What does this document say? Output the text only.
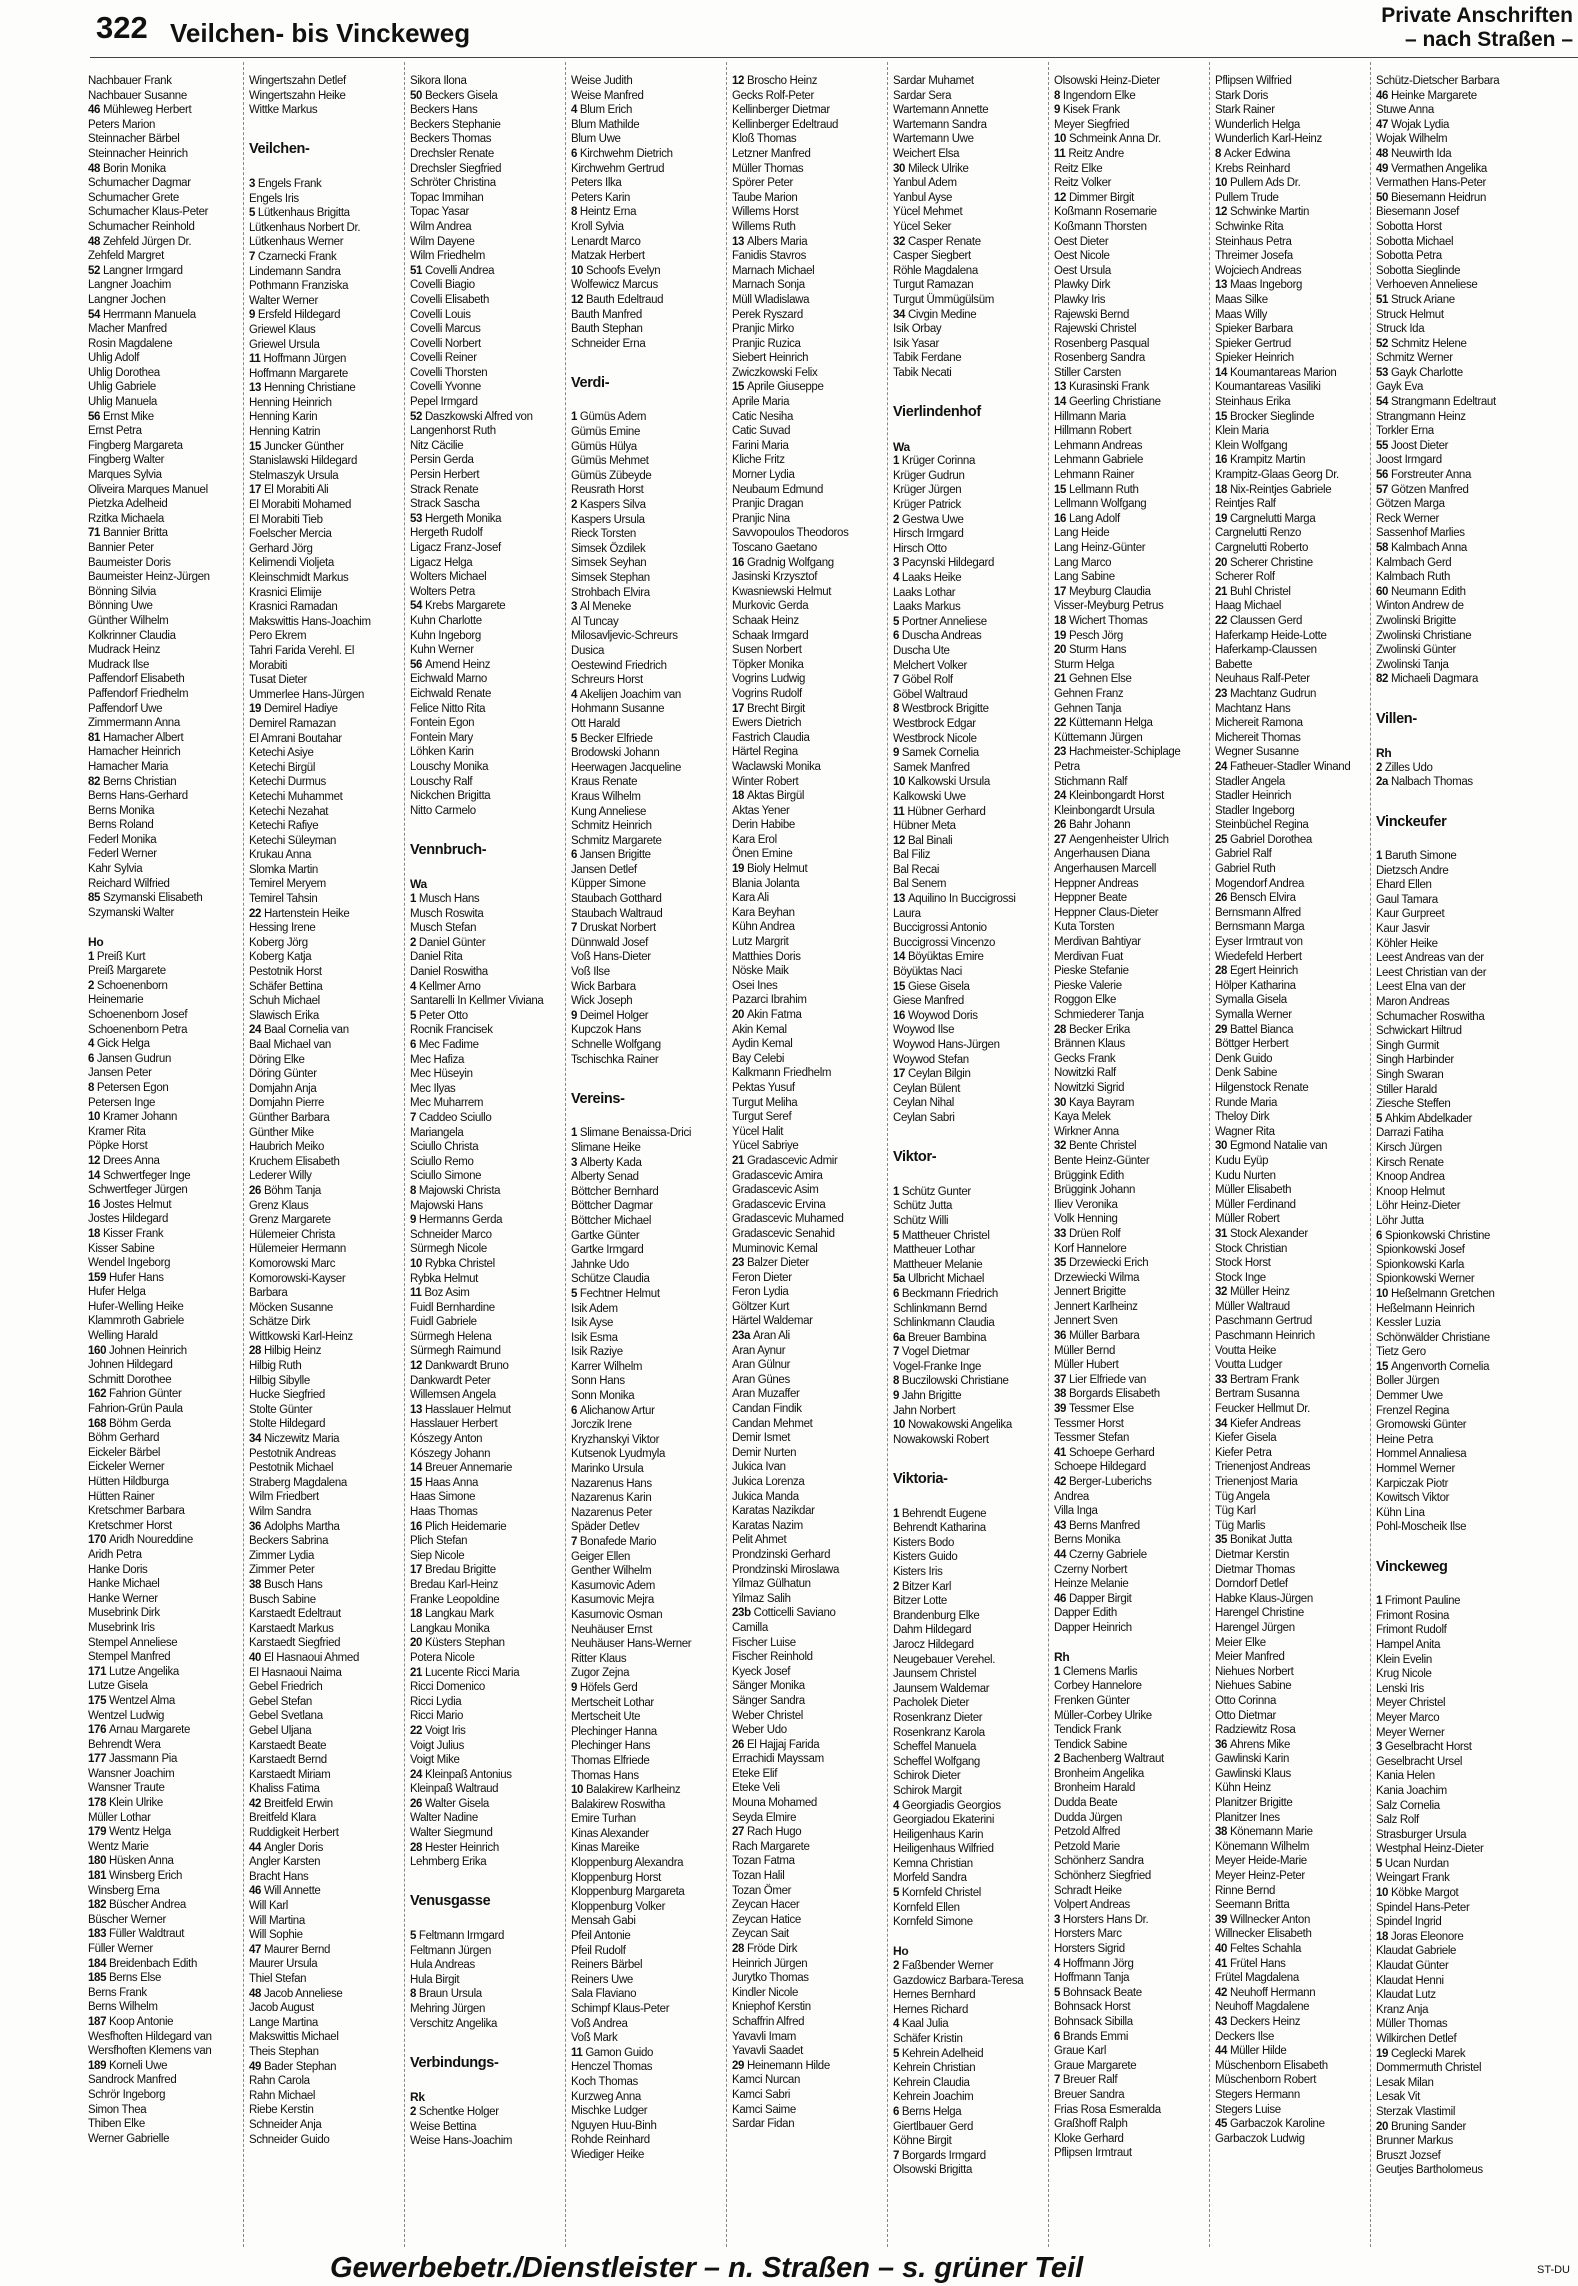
322 Veilchen- bis Vinckeweg
Private Anschriften
– nach Straßen –
Nachbauer Frank
Nachbauer Susanne
46 Mühleweg Herbert
Peters Marion
Steinnacher Bärbel
Steinnacher Heinrich
48 Borin Monika
Schumacher Dagmar
Schumacher Grete
Schumacher Klaus-Peter
Schumacher Reinhold
48 Zehfeld Jürgen Dr.
Zehfeld Margret
52 Langner Irmgard
Langner Joachim
Langner Jochen
54 Herrmann Manuela
Macher Manfred
Rosin Magdalene
Uhlig Adolf
Uhlig Dorothea
Uhlig Gabriele
Uhlig Manuela
56 Ernst Mike
Ernst Petra
Fingberg Margareta
Fingberg Walter
Marques Sylvia
Oliveira Marques Manuel
Pietzka Adelheid
Rzitka Michaela
71 Bannier Britta
Bannier Peter
Baumeister Doris
Baumeister Heinz-Jürgen
Bönning Silvia
Bönning Uwe
Günther Wilhelm
Kolkrinner Claudia
Mudrack Heinz
Mudrack Ilse
Paffendorf Elisabeth
Paffendorf Friedhelm
Paffendorf Uwe
Zimmermann Anna
81 Hamacher Albert
Hamacher Heinrich
Hamacher Maria
82 Berns Christian
Berns Hans-Gerhard
Berns Monika
Berns Roland
Federl Monika
Federl Werner
Kahr Sylvia
Reichard Wilfried
85 Szymanski Elisabeth
Szymanski Walter
Ho
1 Preiß Kurt
Preiß Margarete
2 Schoenenborn
Heinemarie
Schoenenborn Josef
Schoenenborn Petra
4 Gick Helga
6 Jansen Gudrun
Jansen Peter
8 Petersen Egon
Petersen Inge
10 Kramer Johann
Kramer Rita
Pöpke Horst
12 Drees Anna
14 Schwertfeger Inge
Schwertfeger Jürgen
16 Jostes Helmut
Jostes Hildegard
18 Kisser Frank
Kisser Sabine
Wendel Ingeborg
159 Hufer Hans
Hufer Helga
Hufer-Welling Heike
Klammroth Gabriele
Welling Harald
160 Johnen Heinrich
Johnen Hildegard
Schmitt Dorothee
162 Fahrion Günter
Fahrion-Grün Paula
168 Böhm Gerda
Böhm Gerhard
Eickeler Bärbel
Eickeler Werner
Hütten Hildburga
Hütten Rainer
Kretschmer Barbara
Kretschmer Horst
170 Aridh Noureddine
Aridh Petra
Hanke Doris
Hanke Michael
Hanke Werner
Musebrink Dirk
Musebrink Iris
Stempel Anneliese
Stempel Manfred
171 Lutze Angelika
Lutze Gisela
175 Wentzel Alma
Wentzel Ludwig
176 Arnau Margarete
Behrendt Wera
177 Jassmann Pia
Wansner Joachim
Wansner Traute
178 Klein Ulrike
Müller Lothar
179 Wentz Helga
Wentz Marie
180 Hüsken Anna
181 Winsberg Erich
Winsberg Erna
182 Büscher Andrea
Büscher Werner
183 Füller Waldtraut
Füller Werner
184 Breidenbach Edith
185 Berns Else
Berns Frank
Berns Wilhelm
187 Koop Antonie
Wesfhoften Hildegard van
Wersfhoften Klemens van
189 Korneli Uwe
Sandrock Manfred
Schrör Ingeborg
Simon Thea
Thiben Elke
Werner Gabrielle
Wingertszahn Detlef
Wingertszahn Heike
Wittke Markus
Veilchen-
3 Engels Frank
Engels Iris
5 Lütkenhaus Brigitta
Lütkenhaus Norbert Dr.
Lütkenhaus Werner
7 Czarnecki Frank
Lindemann Sandra
Pothmann Franziska
Walter Werner
9 Ersfeld Hildegard
Griewel Klaus
Griewel Ursula
11 Hoffmann Jürgen
Hoffmann Margarete
13 Henning Christiane
Henning Heinrich
Henning Karin
Henning Katrin
15 Juncker Günther
Stanislawski Hildegard
Stelmaszyk Ursula
17 El Morabiti Ali
El Morabiti Mohamed
El Morabiti Tieb
Foelscher Mercia
Gerhard Jörg
Kelimendi Violjeta
Kleinschmidt Markus
Krasnici Elimije
Krasnici Ramadan
Makswittis Hans-Joachim
Pero Ekrem
Tahri Farida Verehl. El
Morabiti
Tusat Dieter
Ummerlee Hans-Jürgen
19 Demirel Hadiye
Demirel Ramazan
El Amrani Boutahar
Ketechi Asiye
Ketechi Birgül
Ketechi Durmus
Ketechi Muhammet
Ketechi Nezahat
Ketechi Rafiye
Ketechi Süleyman
Krukau Anna
Slomka Martin
Temirel Meryem
Temirel Tahsin
22 Hartenstein Heike
Hessing Irene
Koberg Jörg
Koberg Katja
Pestotnik Horst
Schäfer Bettina
Schuh Michael
Slawisch Erika
24 Baal Cornelia van
Baal Michael van
Döring Elke
Döring Günter
Domjahn Anja
Domjahn Pierre
Günther Barbara
Günther Mike
Haubrich Meiko
Kruchem Elisabeth
Lederer Willy
26 Böhm Tanja
Grenz Klaus
Grenz Margarete
Hülemeier Christa
Hülemeier Hermann
Komorowski Marc
Komorowski-Kayser
Barbara
Möcken Susanne
Schätze Dirk
Wittkowski Karl-Heinz
28 Hilbig Heinz
Hilbig Ruth
Hilbig Sibylle
Hucke Siegfried
Stolte Günter
Stolte Hildegard
34 Niczewitz Maria
Pestotnik Andreas
Pestotnik Michael
Straberg Magdalena
Wilm Friedbert
Wilm Sandra
36 Adolphs Martha
Beckers Sabrina
Zimmer Lydia
Zimmer Peter
38 Busch Hans
Busch Sabine
Karstaedt Edeltraut
Karstaedt Markus
Karstaedt Siegfried
40 El Hasnaoui Ahmed
El Hasnaoui Naima
Gebel Friedrich
Gebel Stefan
Gebel Svetlana
Gebel Uljana
Karstaedt Beate
Karstaedt Bernd
Karstaedt Miriam
Khaliss Fatima
42 Breitfeld Erwin
Breitfeld Klara
Ruddigkeit Herbert
44 Angler Doris
Angler Karsten
Bracht Hans
46 Will Annette
Will Karl
Will Martina
Will Sophie
47 Maurer Bernd
Maurer Ursula
Thiel Stefan
48 Jacob Anneliese
Jacob August
Lange Martina
Makswittis Michael
Theis Stephan
49 Bader Stephan
Rahn Carola
Rahn Michael
Riebe Kerstin
Schneider Anja
Schneider Guido
Sikora Ilona
50 Beckers Gisela
Beckers Hans
Beckers Stephanie
Beckers Thomas
Drechsler Renate
Drechsler Siegfried
Schröter Christina
Topac Immihan
Topac Yasar
Wilm Andrea
Wilm Dayene
Wilm Friedhelm
51 Covelli Andrea
Covelli Biagio
Covelli Elisabeth
Covelli Louis
Covelli Marcus
Covelli Norbert
Covelli Reiner
Covelli Thorsten
Covelli Yvonne
Pepel Irmgard
52 Daszkowski Alfred von
Langenhorst Ruth
Nitz Cäcilie
Persin Gerda
Persin Herbert
Strack Renate
Strack Sascha
53 Hergeth Monika
Hergeth Rudolf
Ligacz Franz-Josef
Ligacz Helga
Wolters Michael
Wolters Petra
54 Krebs Margarete
Kuhn Charlotte
Kuhn Ingeborg
Kuhn Werner
56 Amend Heinz
Eichwald Marno
Eichwald Renate
Felice Nitto Rita
Fontein Egon
Fontein Mary
Löhken Karin
Louschy Monika
Louschy Ralf
Nickchen Brigitta
Nitto Carmelo
Vennbruch-
Wa
1 Musch Hans
Musch Roswita
Musch Stefan
2 Daniel Günter
Daniel Rita
Daniel Roswitha
4 Kellmer Arno
Santarelli In Kellmer Viviana
5 Peter Otto
Rocnik Francisek
6 Mec Fadime
Mec Hafiza
Mec Hüseyin
Mec Ilyas
Mec Muharrem
7 Caddeo Sciullo
Mariangela
Sciullo Christa
Sciullo Remo
Sciullo Simone
8 Majowski Christa
Majowski Hans
9 Hermanns Gerda
Schneider Marco
Sürmegh Nicole
10 Rybka Christel
Rybka Helmut
11 Boz Asim
Fuidl Bernhardine
Fuidl Gabriele
Sürmegh Helena
Sürmegh Raimund
12 Dankwardt Bruno
Dankwardt Peter
Willemsen Angela
13 Hasslauer Helmut
Hasslauer Herbert
Kószegy Anton
Kószegy Johann
14 Breuer Annemarie
15 Haas Anna
Haas Simone
Haas Thomas
16 Plich Heidemarie
Plich Stefan
Siep Nicole
17 Bredau Brigitte
Bredau Karl-Heinz
Franke Leopoldine
18 Langkau Mark
Langkau Monika
20 Küsters Stephan
Potera Nicole
21 Lucente Ricci Maria
Ricci Domenico
Ricci Lydia
Ricci Mario
22 Voigt Iris
Voigt Julius
Voigt Mike
24 Kleinpaß Antonius
Kleinpaß Waltraud
26 Walter Gisela
Walter Nadine
Walter Siegmund
28 Hester Heinrich
Lehmberg Erika
Venusgasse
5 Feltmann Irmgard
Feltmann Jürgen
Hula Andreas
Hula Birgit
8 Braun Ursula
Mehring Jürgen
Verschitz Angelika
Verbindungs-
Rk
2 Schentke Holger
Weise Bettina
Weise Hans-Joachim
Weise Judith
Weise Manfred
4 Blum Erich
Blum Mathilde
Blum Uwe
6 Kirchwehm Dietrich
Kirchwehm Gertrud
Peters Ilka
Peters Karin
8 Heintz Erna
Kroll Sylvia
Lenardt Marco
Matzak Herbert
10 Schoofs Evelyn
Wolfewicz Marcus
12 Bauth Edeltraud
Bauth Manfred
Bauth Stephan
Schneider Erna
Verdi-
1 Gümüs Adem
Gümüs Emine
Gümüs Hülya
Gümüs Mehmet
Gümüs Zübeyde
Reusrath Horst
2 Kaspers Silva
Kaspers Ursula
Rieck Torsten
Simsek Özdilek
Simsek Seyhan
Simsek Stephan
Strohbach Elvira
3 Al Meneke
Al Tuncay
Milosavljevic-Schreurs
Dusica
Oestewind Friedrich
Schreurs Horst
4 Akelijen Joachim van
Hohmann Susanne
Ott Harald
5 Becker Elfriede
Brodowski Johann
Heerwagen Jacqueline
Kraus Renate
Kraus Wilhelm
Kung Anneliese
Schmitz Heinrich
Schmitz Margarete
6 Jansen Brigitte
Jansen Detlef
Küpper Simone
Staubach Gotthard
Staubach Waltraud
7 Druskat Norbert
Dünnwald Josef
Voß Hans-Dieter
Voß Ilse
Wick Barbara
Wick Joseph
9 Deimel Holger
Kupczok Hans
Schnelle Wolfgang
Tschischka Rainer
Vereins-
1 Slimane Benaissa-Drici
Slimane Heike
3 Alberty Kada
Alberty Senad
Böttcher Bernhard
Böttcher Dagmar
Böttcher Michael
Gartke Günter
Gartke Irmgard
Jahnke Udo
Schütze Claudia
5 Fechtner Helmut
Isik Adem
Isik Ayse
Isik Esma
Isik Raziye
Karrer Wilhelm
Sonn Hans
Sonn Monika
6 Alichanow Artur
Jorczik Irene
Kryzhanskyi Viktor
Kutsenok Lyudmyla
Marinko Ursula
Nazarenus Hans
Nazarenus Karin
Nazarenus Peter
Späder Detlev
7 Bonafede Mario
Geiger Ellen
Genther Wilhelm
Kasumovic Adem
Kasumovic Mejra
Kasumovic Osman
Neuhäuser Ernst
Neuhäuser Hans-Werner
Ritter Klaus
Zugor Zejna
9 Höfels Gerd
Mertscheit Lothar
Mertscheit Ute
Plechinger Hanna
Plechinger Hans
Thomas Elfriede
Thomas Hans
10 Balakirew Karlheinz
Balakirew Roswitha
Emire Turhan
Kinas Alexander
Kinas Mareike
Kloppenburg Alexandra
Kloppenburg Horst
Kloppenburg Margareta
Kloppenburg Volker
Mensah Gabi
Pfeil Antonie
Pfeil Rudolf
Reiners Bärbel
Reiners Uwe
Sala Flaviano
Schimpf Klaus-Peter
Voß Andrea
Voß Mark
11 Gamon Guido
Henczel Thomas
Koch Thomas
Kurzweg Anna
Mischke Ludger
Nguyen Huu-Binh
Rohde Reinhard
Wiediger Heike
12 Broscho Heinz
Gecks Rolf-Peter
Kellinberger Dietmar
Kellinberger Edeltraud
Kloß Thomas
Letzner Manfred
Müller Thomas
Spörer Peter
Taube Marion
Willems Horst
Willems Ruth
13 Albers Maria
Fanidis Stavros
Marnach Michael
Marnach Sonja
Müll Wladislawa
Perek Ryszard
Pranjic Mirko
Pranjic Ruzica
Siebert Heinrich
Zwiczkowski Felix
15 Aprile Giuseppe
Aprile Maria
Catic Nesiha
Catic Suvad
Farini Maria
Kliche Fritz
Morner Lydia
Neubaum Edmund
Pranjic Dragan
Pranjic Nina
Savvopoulos Theodoros
Toscano Gaetano
16 Gradnig Wolfgang
Jasinski Krzysztof
Kwasniewski Helmut
Murkovic Gerda
Schaak Heinz
Schaak Irmgard
Susen Norbert
Töpker Monika
Vogrins Ludwig
Vogrins Rudolf
17 Brecht Birgit
Ewers Dietrich
Fastrich Claudia
Härtel Regina
Waclawski Monika
Winter Robert
18 Aktas Birgül
Aktas Yener
Derin Habibe
Kara Erol
Önen Emine
19 Bioly Helmut
Blania Jolanta
Kara Ali
Kara Beyhan
Kühn Andrea
Lutz Margrit
Matthies Doris
Nöske Maik
Osei Ines
Pazarci Ibrahim
20 Akin Fatma
Akin Kemal
Aydin Kemal
Bay Celebi
Kalkmann Friedhelm
Pektas Yusuf
Turgut Meliha
Turgut Seref
Yücel Halit
Yücel Sabriye
21 Gradascevic Admir
Gradascevic Amira
Gradascevic Asim
Gradascevic Ervina
Gradascevic Muhamed
Gradascevic Senahid
Muminovic Kemal
23 Balzer Dieter
Feron Dieter
Feron Lydia
Göltzer Kurt
Härtel Waldemar
23a Aran Ali
Aran Aynur
Aran Gülnur
Aran Günes
Aran Muzaffer
Candan Findik
Candan Mehmet
Demir Ismet
Demir Nurten
Jukica Ivan
Jukica Lorenza
Jukica Manda
Karatas Nazikdar
Karatas Nazim
Pelit Ahmet
Prondzinski Gerhard
Prondzinski Miroslawa
Yilmaz Gülhatun
Yilmaz Salih
23b Cotticelli Saviano
Camilla
Fischer Luise
Fischer Reinhold
Kyeck Josef
Sänger Monika
Sänger Sandra
Weber Christel
Weber Udo
26 El Hajjaj Farida
Errachidi Mayssam
Eteke Elif
Eteke Veli
Mouna Mohamed
Seyda Elmire
27 Rach Hugo
Rach Margarete
Tozan Fatma
Tozan Halil
Tozan Ömer
Zeycan Hacer
Zeycan Hatice
Zeycan Sait
28 Fröde Dirk
Heinrich Jürgen
Jurytko Thomas
Kindler Nicole
Kniephof Kerstin
Schaffrin Alfred
Yavavli Imam
Yavavli Saadet
29 Heinemann Hilde
Kamci Nurcan
Kamci Sabri
Kamci Saime
Sardar Fidan
Sardar Muhamet
Sardar Sera
Wartemann Annette
Wartemann Sandra
Wartemann Uwe
Weichert Elsa
30 Mileck Ulrike
Yanbul Adem
Yanbul Ayse
Yücel Mehmet
Yücel Seker
32 Casper Renate
Casper Siegbert
Röhle Magdalena
Turgut Ramazan
Turgut Ümmügülsüm
34 Civgin Medine
Isik Orbay
Isik Yasar
Tabik Ferdane
Tabik Necati
Vierlindenhof
Wa
1 Krüger Corinna
Krüger Gudrun
Krüger Jürgen
Krüger Patrick
2 Gestwa Uwe
Hirsch Irmgard
Hirsch Otto
3 Pacynski Hildegard
4 Laaks Heike
Laaks Lothar
Laaks Markus
5 Portner Anneliese
6 Duscha Andreas
Duscha Ute
Melchert Volker
7 Göbel Rolf
Göbel Waltraud
8 Westbrock Brigitte
Westbrock Edgar
Westbrock Nicole
9 Samek Cornelia
Samek Manfred
10 Kalkowski Ursula
Kalkowski Uwe
11 Hübner Gerhard
Hübner Meta
12 Bal Binali
Bal Filiz
Bal Recai
Bal Senem
13 Aquilino In Buccigrossi
Laura
Buccigrossi Antonio
Buccigrossi Vincenzo
14 Böyüktas Emire
Böyüktas Naci
15 Giese Gisela
Giese Manfred
16 Woywod Doris
Woywod Ilse
Woywod Hans-Jürgen
Woywod Stefan
17 Ceylan Bilgin
Ceylan Bülent
Ceylan Nihal
Ceylan Sabri
Viktor-
1 Schütz Gunter
Schütz Jutta
Schütz Willi
5 Mattheuer Christel
Mattheuer Lothar
Mattheuer Melanie
5a Ulbricht Michael
6 Beckmann Friedrich
Schlinkmann Bernd
Schlinkmann Claudia
6a Breuer Bambina
7 Vogel Dietmar
Vogel-Franke Inge
8 Buczilowski Christiane
9 Jahn Brigitte
Jahn Norbert
10 Nowakowski Angelika
Nowakowski Robert
Viktoria-
1 Behrendt Eugene
Behrendt Katharina
Kisters Bodo
Kisters Guido
Kisters Iris
2 Bitzer Karl
Bitzer Lotte
Brandenburg Elke
Dahm Hildegard
Jarocz Hildegard
Neugebauer Verehel.
Jaunsem Christel
Jaunsem Waldemar
Pacholek Dieter
Rosenkranz Dieter
Rosenkranz Karola
Scheffel Manuela
Scheffel Wolfgang
Schirok Dieter
Schirok Margit
4 Georgiadis Georgios
Georgiadou Ekaterini
Heiligenhaus Karin
Heiligenhaus Wilfried
Kemna Christian
Morfeld Sandra
5 Kornfeld Christel
Kornfeld Ellen
Kornfeld Simone
Ho
2 Faßbender Werner
Gazdowicz Barbara-Teresa
Hernes Bernhard
Hernes Richard
4 Kaal Julia
Schäfer Kristin
5 Kehrein Adelheid
Kehrein Christian
Kehrein Claudia
Kehrein Joachim
6 Berns Helga
Giertlbauer Gerd
Köhne Birgit
7 Borgards Irmgard
Olsowski Brigitta
Olsowski Heinz-Dieter
8 Ingendorn Elke
9 Kisek Frank
Meyer Siegfried
10 Schmeink Anna Dr.
11 Reitz Andre
Reitz Elke
Reitz Volker
12 Dimmer Birgit
Koßmann Rosemarie
Koßmann Thorsten
Oest Dieter
Oest Nicole
Oest Ursula
Plawky Dirk
Plawky Iris
Rajewski Bernd
Rajewski Christel
Rosenberg Pasqual
Rosenberg Sandra
Stiller Carsten
13 Kurasinski Frank
14 Geerling Christiane
Hillmann Maria
Hillmann Robert
Lehmann Andreas
Lehmann Gabriele
Lehmann Rainer
15 Lellmann Ruth
Lellmann Wolfgang
16 Lang Adolf
Lang Heide
Lang Heinz-Günter
Lang Marco
Lang Sabine
17 Meyburg Claudia
Visser-Meyburg Petrus
18 Wichert Thomas
19 Pesch Jörg
20 Sturm Hans
Sturm Helga
21 Gehnen Else
Gehnen Franz
Gehnen Tanja
22 Küttemann Helga
Küttemann Jürgen
23 Hachmeister-Schiplage
Petra
Stichmann Ralf
24 Kleinbongardt Horst
Kleinbongardt Ursula
26 Bahr Johann
27 Aengenheister Ulrich
Angerhausen Diana
Angerhausen Marcell
Heppner Andreas
Heppner Beate
Heppner Claus-Dieter
Kuta Torsten
Merdivan Bahtiyar
Merdivan Fuat
Pieske Stefanie
Pieske Valerie
Roggon Elke
Schmiederer Tanja
28 Becker Erika
Brännen Klaus
Gecks Frank
Nowitzki Ralf
Nowitzki Sigrid
30 Kaya Bayram
Kaya Melek
Wirkner Anna
32 Bente Christel
Bente Heinz-Günter
Brüggink Edith
Brüggink Johann
Iliev Veronika
Volk Henning
33 Drüen Rolf
Korf Hannelore
35 Drzewiecki Erich
Drzewiecki Wilma
Jennert Brigitte
Jennert Karlheinz
Jennert Sven
36 Müller Barbara
Müller Bernd
Müller Hubert
37 Lier Elfriede van
38 Borgards Elisabeth
39 Tessmer Else
Tessmer Horst
Tessmer Stefan
41 Schoepe Gerhard
Schoepe Hildegard
42 Berger-Luberichs
Andrea
Villa Inga
43 Berns Manfred
Berns Monika
44 Czerny Gabriele
Czerny Norbert
Heinze Melanie
46 Dapper Birgit
Dapper Edith
Dapper Heinrich
Rh
1 Clemens Marlis
Corbey Hannelore
Frenken Günter
Müller-Corbey Ulrike
Tendick Frank
Tendick Sabine
2 Bachenberg Waltraut
Bronheim Angelika
Bronheim Harald
Dudda Beate
Dudda Jürgen
Petzold Alfred
Petzold Marie
Schönherz Sandra
Schönherz Siegfried
Schradt Heike
Volpert Andreas
3 Horsters Hans Dr.
Horsters Marc
Horsters Sigrid
4 Hoffmann Jörg
Hoffmann Tanja
5 Bohnsack Beate
Bohnsack Horst
Bohnsack Sibilla
6 Brands Emmi
Graue Karl
Graue Margarete
7 Breuer Ralf
Breuer Sandra
Frias Rosa Esmeralda
Graßhoff Ralph
Kloke Gerhard
Pflipsen Irmtraut
Pflipsen Wilfried
Stark Doris
Stark Rainer
Wunderlich Helga
Wunderlich Karl-Heinz
8 Acker Edwina
Krebs Reinhard
10 Pullem Ads Dr.
Pullem Trude
12 Schwinke Martin
Schwinke Rita
Steinhaus Petra
Threimer Josefa
Wojciech Andreas
13 Maas Ingeborg
Maas Silke
Maas Willy
Spieker Barbara
Spieker Gertrud
Spieker Heinrich
14 Koumantareas Marion
Koumantareas Vasiliki
Steinhaus Erika
15 Brocker Sieglinde
Klein Maria
Klein Wolfgang
16 Krampitz Martin
Krampitz-Glaas Georg Dr.
18 Nix-Reintjes Gabriele
Reintjes Ralf
19 Cargnelutti Marga
Cargnelutti Renzo
Cargnelutti Roberto
20 Scherer Christine
Scherer Rolf
21 Buhl Christel
Haag Michael
22 Claussen Gerd
Haferkamp Heide-Lotte
Haferkamp-Claussen
Babette
Neuhaus Ralf-Peter
23 Machtanz Gudrun
Machtanz Hans
Michereit Ramona
Michereit Thomas
Wegner Susanne
24 Fatheuer-Stadler Winand
Stadler Angela
Stadler Heinrich
Stadler Ingeborg
Steinbüchel Regina
25 Gabriel Dorothea
Gabriel Ralf
Gabriel Ruth
Mogendorf Andrea
26 Bensch Elvira
Bernsmann Alfred
Bernsmann Marga
Eyser Irmtraut von
Wiedefeld Herbert
28 Egert Heinrich
Hölper Katharina
Symalla Gisela
Symalla Werner
29 Battel Bianca
Böttger Herbert
Denk Guido
Denk Sabine
Hilgenstock Renate
Runde Maria
Theloy Dirk
Wagner Rita
30 Egmond Natalie van
Kudu Eyüp
Kudu Nurten
Müller Elisabeth
Müller Ferdinand
Müller Robert
31 Stock Alexander
Stock Christian
Stock Horst
Stock Inge
32 Müller Heinz
Müller Waltraud
Paschmann Gertrud
Paschmann Heinrich
Voutta Heike
Voutta Ludger
33 Bertram Frank
Bertram Susanna
Feucker Hellmut Dr.
34 Kiefer Andreas
Kiefer Gisela
Kiefer Petra
Trienenjost Andreas
Trienenjost Maria
Tüg Angela
Tüg Karl
Tüg Marlis
35 Bonikat Jutta
Dietmar Kerstin
Dietmar Thomas
Dorndorf Detlef
Habke Klaus-Jürgen
Harengel Christine
Harengel Jürgen
Meier Elke
Meier Manfred
Niehues Norbert
Niehues Sabine
Otto Corinna
Otto Dietmar
Radziewitz Rosa
36 Ahrens Mike
Gawlinski Karin
Gawlinski Klaus
Kühn Heinz
Planitzer Brigitte
Planitzer Ines
38 Könemann Marie
Könemann Wilhelm
Meyer Heide-Marie
Meyer Heinz-Peter
Rinne Bernd
Seemann Britta
39 Willnecker Anton
Willnecker Elisabeth
40 Feltes Schahla
41 Frütel Hans
Frütel Magdalena
42 Neuhoff Hermann
Neuhoff Magdalene
43 Deckers Heinz
Deckers Ilse
44 Müller Hilde
Müschenborn Elisabeth
Müschenborn Robert
Stegers Hermann
Stegers Luise
45 Garbaczok Karoline
Garbaczok Ludwig
Schütz-Dietscher Barbara
46 Heinke Margarete
Stuwe Anna
47 Wojak Lydia
Wojak Wilhelm
48 Neuwirth Ida
49 Vermathen Angelika
Vermathen Hans-Peter
50 Biesemann Heidrun
Biesemann Josef
Sobotta Horst
Sobotta Michael
Sobotta Petra
Sobotta Sieglinde
Verhoeven Anneliese
51 Struck Ariane
Struck Helmut
Struck Ida
52 Schmitz Helene
Schmitz Werner
53 Gayk Charlotte
Gayk Eva
54 Strangmann Edeltraut
Strangmann Heinz
Torkler Erna
55 Joost Dieter
Joost Irmgard
56 Forstreuter Anna
57 Götzen Manfred
Götzen Marga
Reck Werner
Sassenhof Marlies
58 Kalmbach Anna
Kalmbach Gerd
Kalmbach Ruth
60 Neumann Edith
Winton Andrew de
Zwolinski Brigitte
Zwolinski Christiane
Zwolinski Günter
Zwolinski Tanja
82 Michaeli Dagmara
Villen-
Rh
2 Zilles Udo
2a Nalbach Thomas
Vinckeufer
1 Baruth Simone
Dietzsch Andre
Ehard Ellen
Gaul Tamara
Kaur Gurpreet
Kaur Jasvir
Köhler Heike
Leest Andreas van der
Leest Christian van der
Leest Elna van der
Maron Andreas
Schumacher Roswitha
Schwickart Hiltrud
Singh Gurmit
Singh Harbinder
Singh Swaran
Stiller Harald
Ziesche Steffen
5 Ahkim Abdelkader
Darrazi Fatiha
Kirsch Jürgen
Kirsch Renate
Knoop Andrea
Knoop Helmut
Löhr Heinz-Dieter
Löhr Jutta
6 Spionkowski Christine
Spionkowski Josef
Spionkowski Karla
Spionkowski Werner
10 Heßelmann Gretchen
Heßelmann Heinrich
Kessler Luzia
Schönwälder Christiane
Tietz Gero
15 Angenvorth Cornelia
Boller Jürgen
Demmer Uwe
Frenzel Regina
Gromowski Günter
Heine Petra
Hommel Annaliesa
Hommel Werner
Karpiczak Piotr
Kowitsch Viktor
Kühn Lina
Pohl-Moscheik Ilse
Vinckeweg
1 Frimont Pauline
Frimont Rosina
Frimont Rudolf
Hampel Anita
Klein Evelin
Krug Nicole
Lenski Iris
Meyer Christel
Meyer Marco
Meyer Werner
3 Geselbracht Horst
Geselbracht Ursel
Kania Helen
Kania Joachim
Salz Cornelia
Salz Rolf
Strasburger Ursula
Westphal Heinz-Dieter
5 Ucan Nurdan
Weingart Frank
10 Köbke Margot
Spindel Hans-Peter
Spindel Ingrid
18 Joras Eleonore
Klaudat Gabriele
Klaudat Günter
Klaudat Henni
Klaudat Lutz
Kranz Anja
Müller Thomas
Wilkirchen Detlef
19 Ceglecki Marek
Dommermuth Christel
Lesak Milan
Lesak Vit
Sterzak Vlastimil
20 Bruning Sander
Brunner Markus
Bruszt Jozsef
Geutjes Bartholomeus
Gewerbebetr./Dienstleister – n. Straßen – s. grüner Teil	ST-DU
